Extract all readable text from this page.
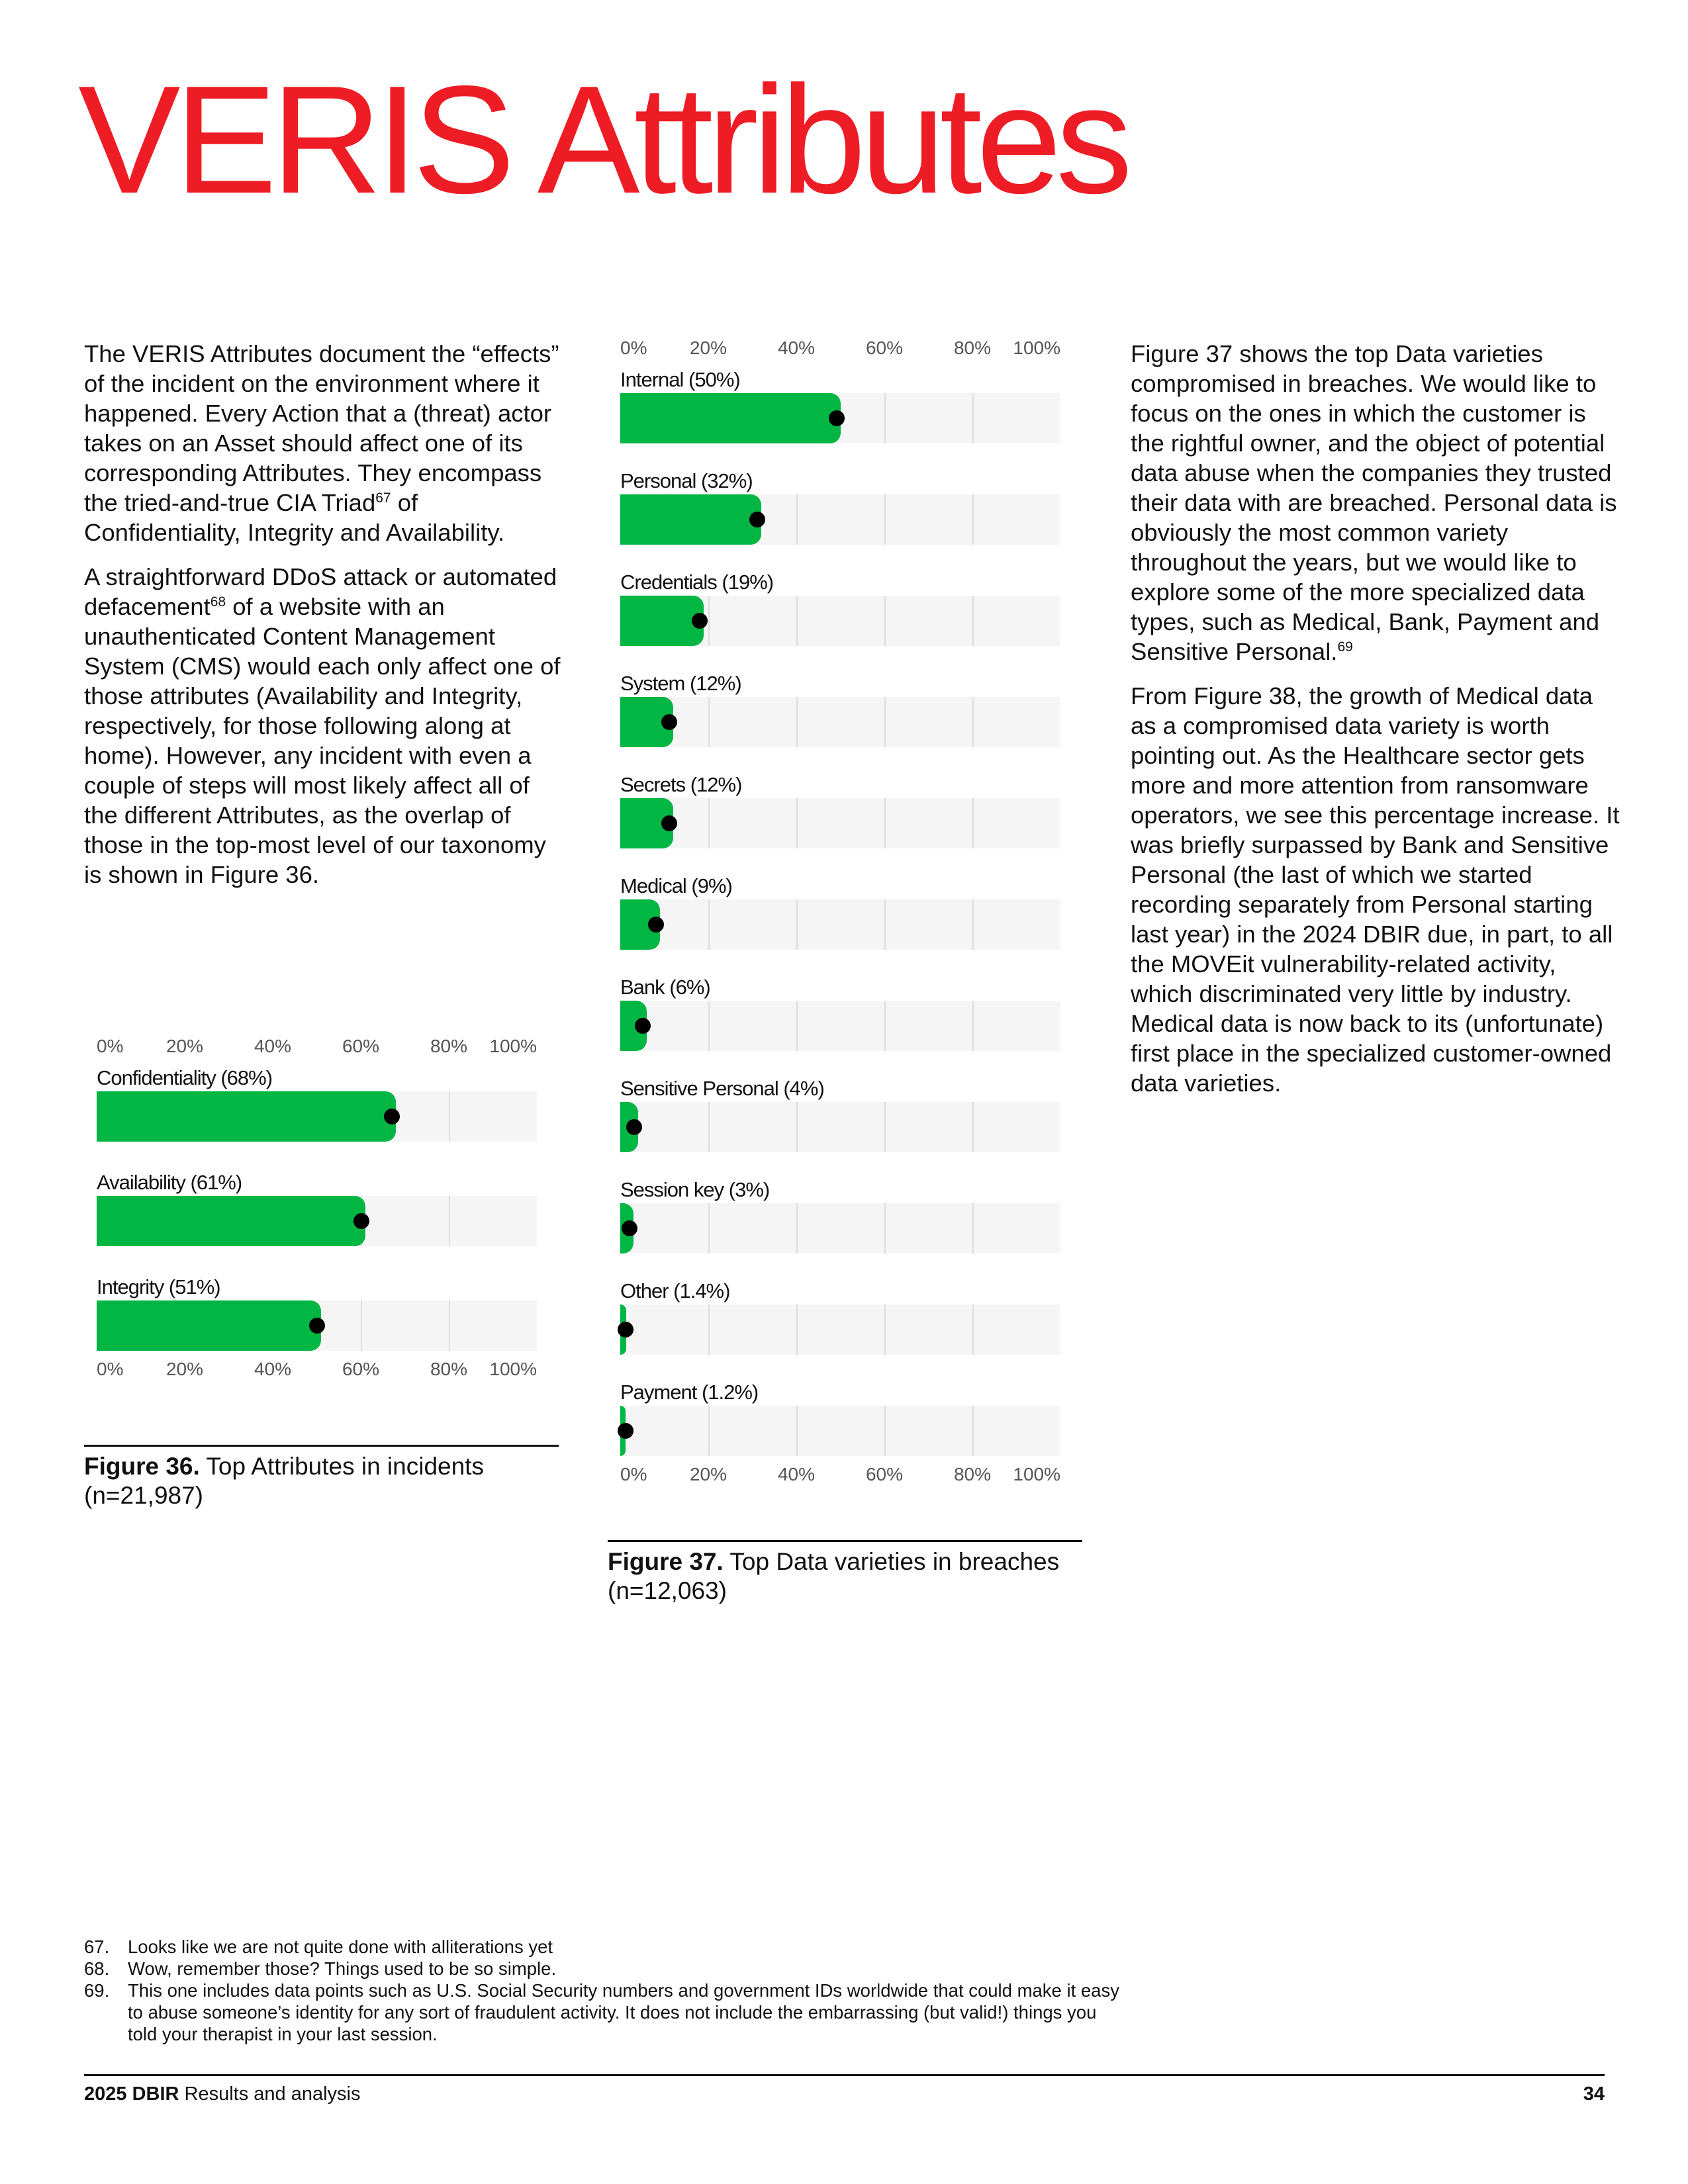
VERIS Attributes

The VERIS Attributes document the “effects” of the incident on the environment where it happened. Every Action that a (threat) actor takes on an Asset should affect one of its corresponding Attributes. They encompass the tried-and-true CIA Triad$^{67}$ of Confidentiality, Integrity and Availability.

A straightforward DDoS attack or automated defacement$^{68}$ of a website with an unauthenticated Content Management System (CMS) would each only affect one of those attributes (Availability and Integrity, respectively, for those following along at home). However, any incident with even a couple of steps will most likely affect all of the different Attributes, as the overlap of those in the top-most level of our taxonomy is shown in Figure 36.

0% 20%	40%	60%	80% 100%
Confidentiality (68%)
Availability (61%)
Integrity (51%)
0% 20%	40%	60%	80% 100%
Figure 36. Top Attributes in incidents (n=21,987)
0% 20%	40%	60%	80% 100%
Internal (50%)
Personal (32%)
Credentials (19%)
System (12%)
Secrets (12%)
Medical (9%)
Bank (6%)
Sensitive Personal (4%)
Session key (3%)
Other (1.4%)
Payment (1.2%)
0% 20%	40%	60%	80% 100%
Figure 37. Top Data varieties in breaches (n=12,063)

Figure 37 shows the top Data varieties compromised in breaches. We would like to focus on the ones in which the customer is the rightful owner, and the object of potential data abuse when the companies they trusted their data with are breached. Personal data is obviously the most common variety throughout the years, but we would like to explore some of the more specialized data types, such as Medical, Bank, Payment and Sensitive Personal.$^{69}$

From Figure 38, the growth of Medical data as a compromised data variety is worth pointing out. As the Healthcare sector gets more and more attention from ransomware operators, we see this percentage increase. It was briefly surpassed by Bank and Sensitive Personal (the last of which we started recording separately from Personal starting last year) in the 2024 DBIR due, in part, to all the MOVEit vulnerability-related activity, which discriminated very little by industry. Medical data is now back to its (unfortunate) first place in the specialized customer-owned data varieties.

67.	Looks like we are not quite done with alliterations yet
68.	Wow, remember those? Things used to be so simple.
69.	This one includes data points such as U.S. Social Security numbers and government IDs worldwide that could make it easy to abuse someone’s identity for any sort of fraudulent activity. It does not include the embarrassing (but valid!) things you told your therapist in your last session.
2025 DBIR Results and analysis	34
